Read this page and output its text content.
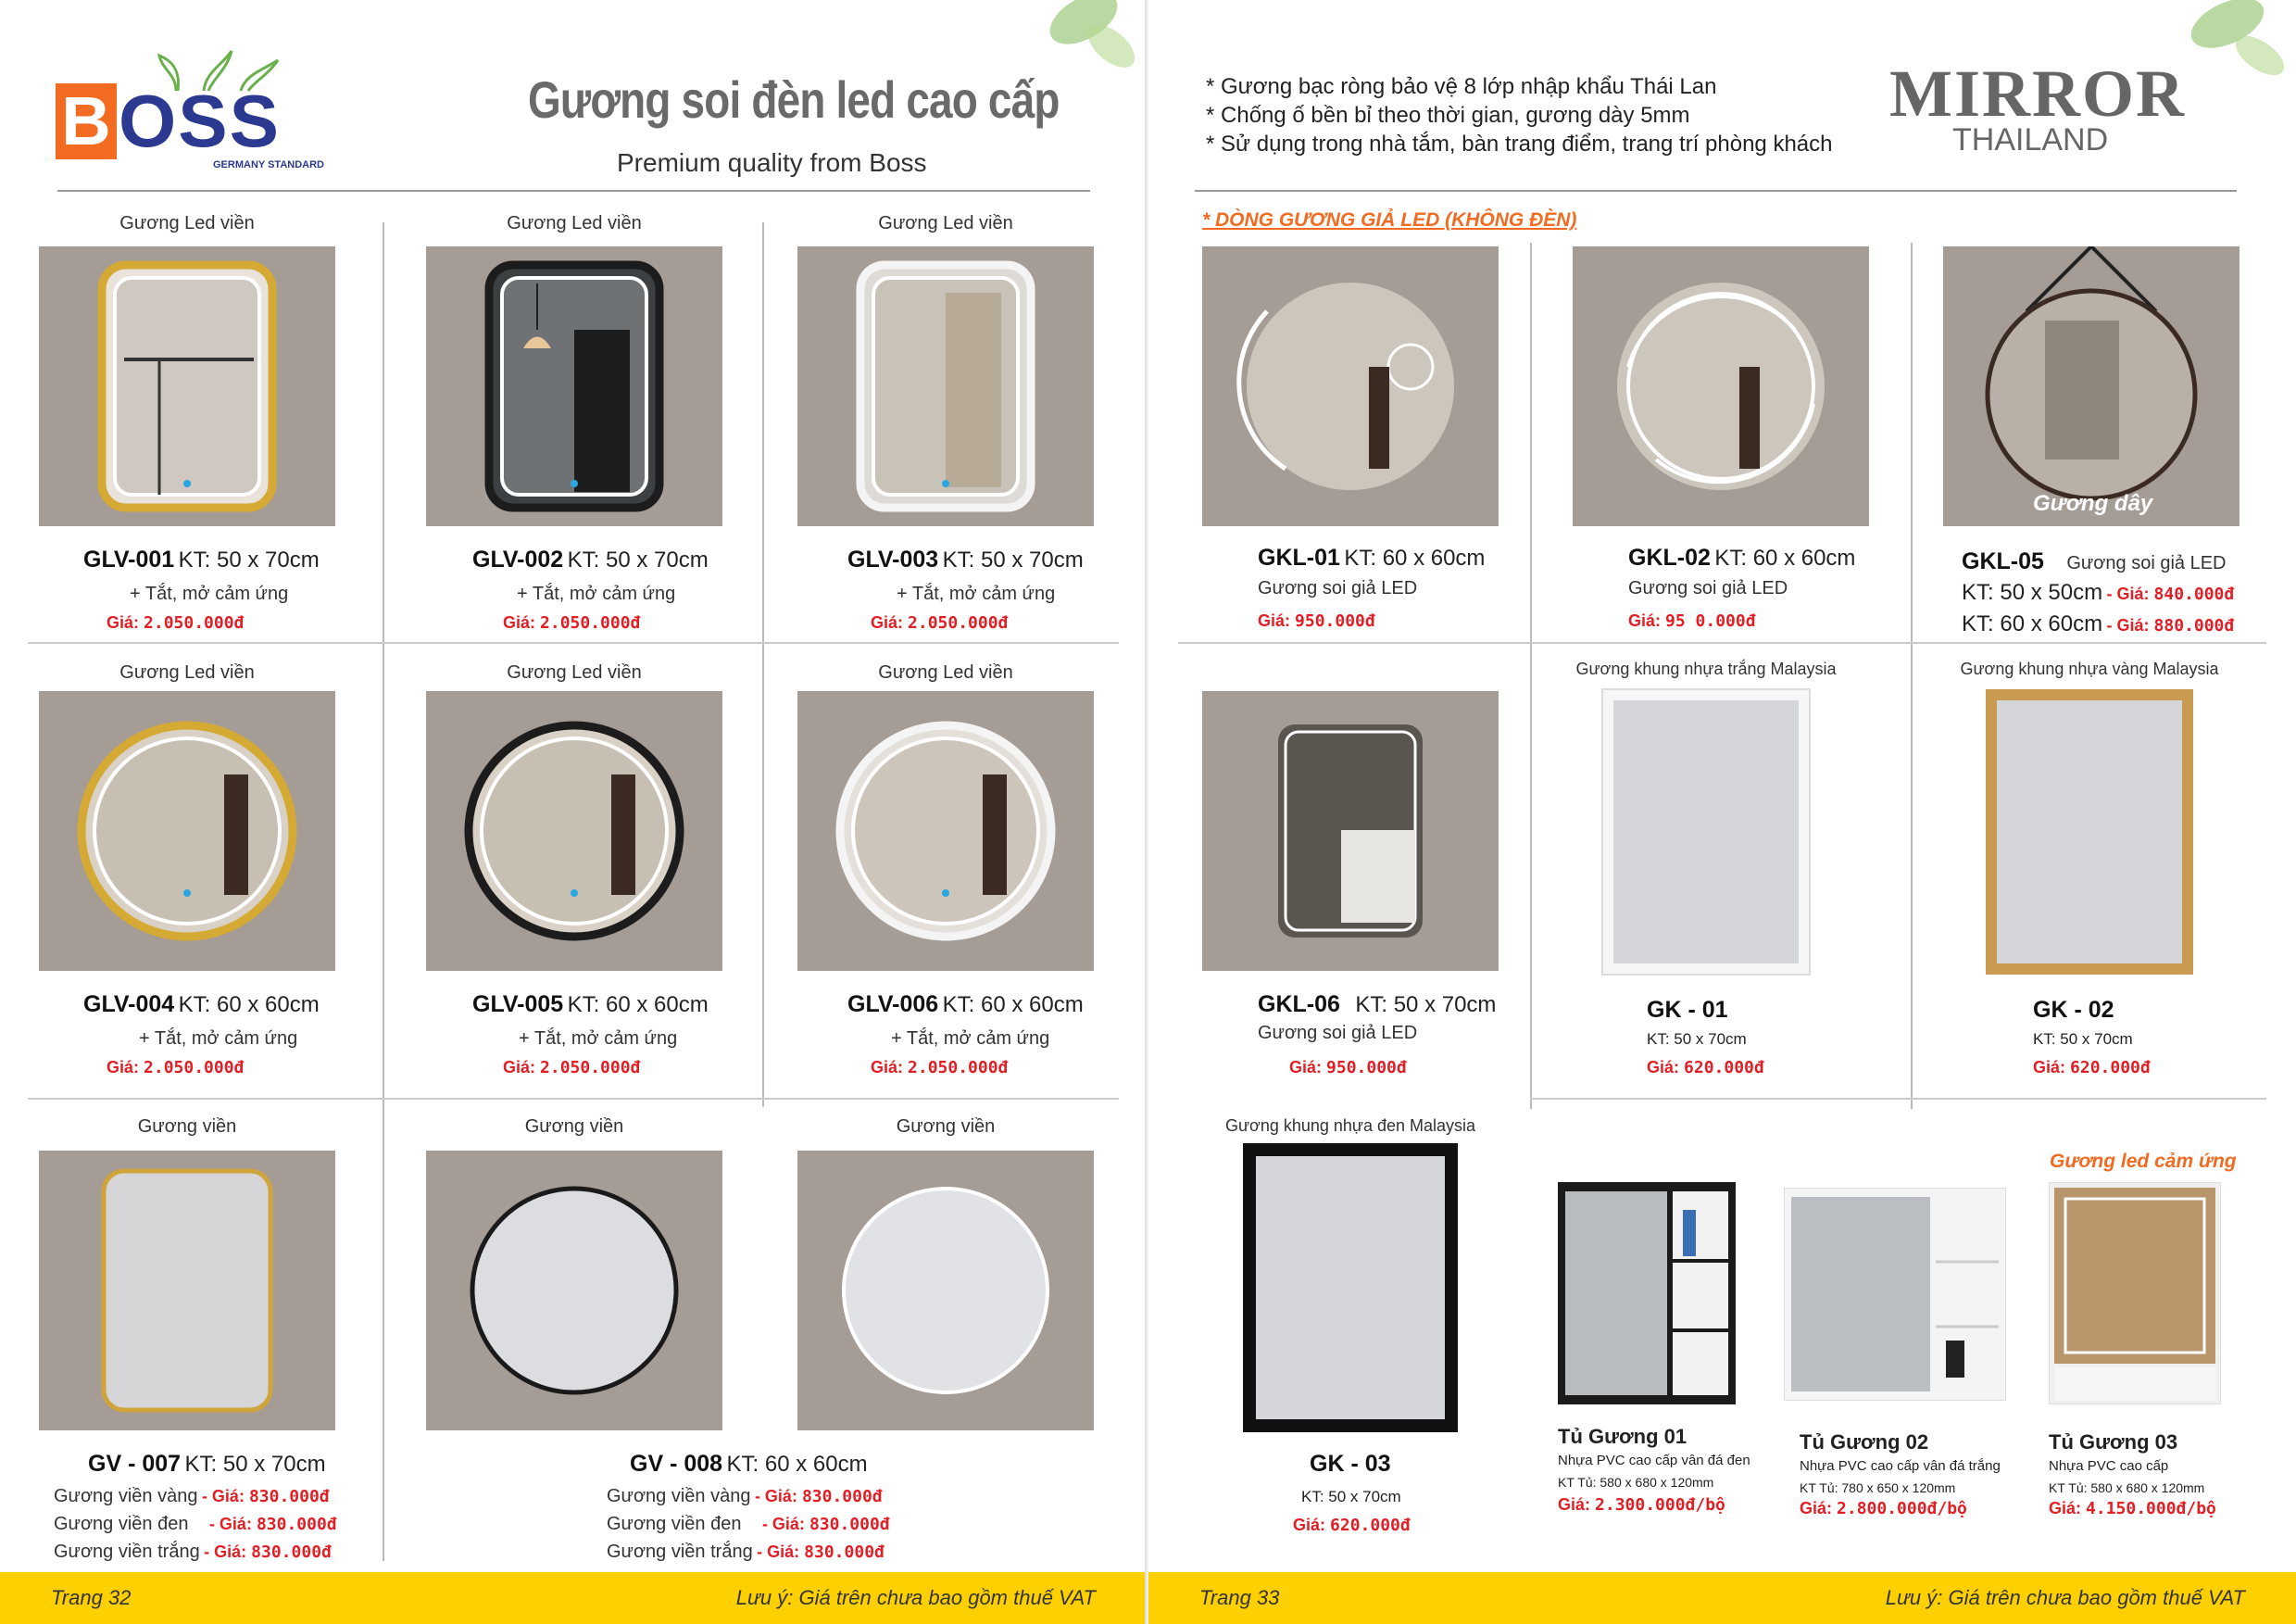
B OSS
GERMANY STANDARD
Gương soi đèn led cao cấp
Premium quality from Boss
Gương Led viền	Gương Led viền	Gương Led viền
GLV-001 KT: 50 x 70cm
+ Tắt, mở cảm ứng
Giá: 2.050.000đ
GLV-002 KT: 50 x 70cm
+ Tắt, mở cảm ứng
Giá: 2.050.000đ
GLV-003 KT: 50 x 70cm
+ Tắt, mở cảm ứng
Giá: 2.050.000đ
Gương Led viền	Gương Led viền	Gương Led viền
GLV-004 KT: 60 x 60cm
+ Tắt, mở cảm ứng
Giá: 2.050.000đ
GLV-005 KT: 60 x 60cm
+ Tắt, mở cảm ứng
Giá: 2.050.000đ
GLV-006 KT: 60 x 60cm
+ Tắt, mở cảm ứng
Giá: 2.050.000đ
Gương viền	Gương viền	Gương viền
GV - 007 KT: 50 x 70cm
Gương viền vàng - Giá: 830.000đ
Gương viền đen - Giá: 830.000đ
Gương viền trắng - Giá: 830.000đ
GV - 008 KT: 60 x 60cm
Gương viền vàng - Giá: 830.000đ
Gương viền đen - Giá: 830.000đ
Gương viền trắng - Giá: 830.000đ
Trang 32	Lưu ý: Giá trên chưa bao gồm thuế VAT
* Gương bạc ròng bảo vệ 8 lớp nhập khẩu Thái Lan
* Chống ố bền bỉ theo thời gian, gương dày 5mm
* Sử dụng trong nhà tắm, bàn trang điểm, trang trí phòng khách
MIRROR
THAILAND
* DÒNG GƯƠNG GIẢ LED (KHÔNG ĐÈN)
GKL-01 KT: 60 x 60cm
Gương soi giả LED
Giá: 950.000đ
GKL-02 KT: 60 x 60cm
Gương soi giả LED
Giá: 95 0.000đ
Gương dây
GKL-05 Gương soi giả LED
KT: 50 x 50cm - Giá: 840.000đ
KT: 60 x 60cm - Giá: 880.000đ
GKL-06 KT: 50 x 70cm
Gương soi giả LED
Giá: 950.000đ
Gương khung nhựa trắng Malaysia
GK - 01
KT: 50 x 70cm
Giá: 620.000đ
Gương khung nhựa vàng Malaysia
GK - 02
KT: 50 x 70cm
Giá: 620.000đ
Gương khung nhựa đen Malaysia
GK - 03
KT: 50 x 70cm
Giá: 620.000đ
Gương led cảm ứng
Tủ Gương 01
Nhựa PVC cao cấp vân đá đen
KT Tủ: 580 x 680 x 120mm
Giá: 2.300.000đ/bộ
Tủ Gương 02
Nhựa PVC cao cấp vân đá trắng
KT Tủ: 780 x 650 x 120mm
Giá: 2.800.000đ/bộ
Tủ Gương 03
Nhựa PVC cao cấp
KT Tủ: 580 x 680 x 120mm
Giá: 4.150.000đ/bộ
Trang 33	Lưu ý: Giá trên chưa bao gồm thuế VAT
